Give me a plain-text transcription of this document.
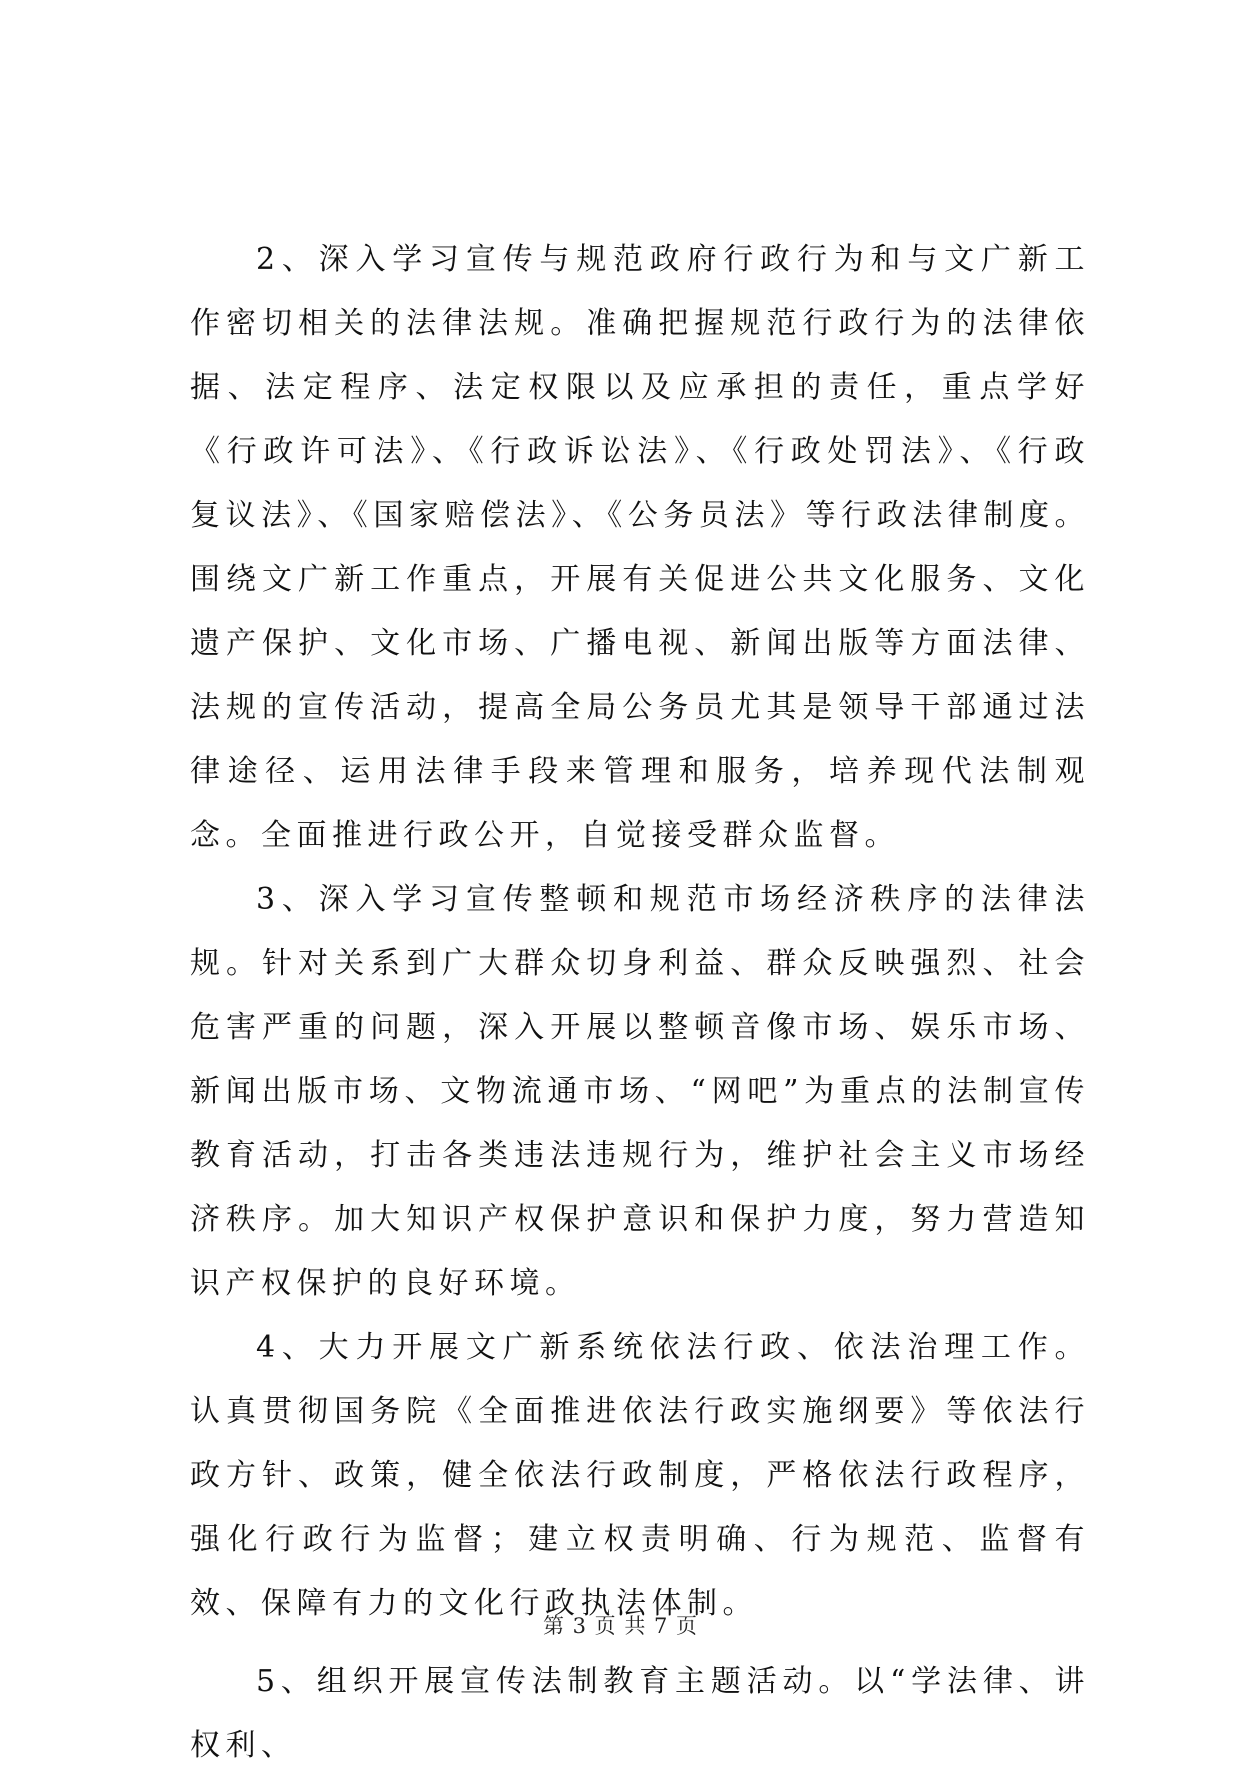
2、深入学习宣传与规范政府行政行为和与文广新工作密切相关的法律法规。准确把握规范行政行为的法律依据、法定程序、法定权限以及应承担的责任，重点学好《行政许可法》、《行政诉讼法》、《行政处罚法》、《行政复议法》、《国家赔偿法》、《公务员法》等行政法律制度。围绕文广新工作重点，开展有关促进公共文化服务、文化遗产保护、文化市场、广播电视、新闻出版等方面法律、法规的宣传活动，提高全局公务员尤其是领导干部通过法律途径、运用法律手段来管理和服务，培养现代法制观念。全面推进行政公开，自觉接受群众监督。

3、深入学习宣传整顿和规范市场经济秩序的法律法规。针对关系到广大群众切身利益、群众反映强烈、社会危害严重的问题，深入开展以整顿音像市场、娱乐市场、新闻出版市场、文物流通市场、“网吧”为重点的法制宣传教育活动，打击各类违法违规行为，维护社会主义市场经济秩序。加大知识产权保护意识和保护力度，努力营造知识产权保护的良好环境。

4、大力开展文广新系统依法行政、依法治理工作。认真贯彻国务院《全面推进依法行政实施纲要》等依法行政方针、政策，健全依法行政制度，严格依法行政程序，强化行政行为监督；建立权责明确、行为规范、监督有效、保障有力的文化行政执法体制。

5、组织开展宣传法制教育主题活动。以“学法律、讲权利、

第 3 页 共 7 页
